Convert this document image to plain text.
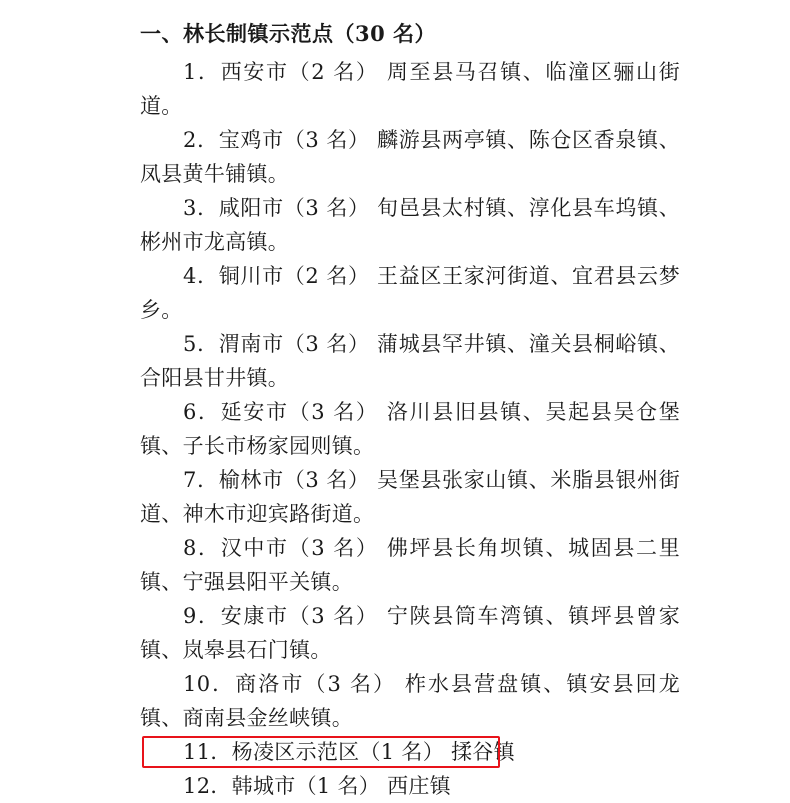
一、林长制镇示范点（30 名）

1．西安市（2 名） 周至县马召镇、临潼区骊山街道。

2．宝鸡市（3 名） 麟游县两亭镇、陈仓区香泉镇、凤县黄牛铺镇。

3．咸阳市（3 名） 旬邑县太村镇、淳化县车坞镇、彬州市龙高镇。

4．铜川市（2 名） 王益区王家河街道、宜君县云梦乡。

5．渭南市（3 名） 蒲城县罕井镇、潼关县桐峪镇、合阳县甘井镇。

6．延安市（3 名） 洛川县旧县镇、吴起县吴仓堡镇、子长市杨家园则镇。

7．榆林市（3 名） 吴堡县张家山镇、米脂县银州街道、神木市迎宾路街道。

8．汉中市（3 名） 佛坪县长角坝镇、城固县二里镇、宁强县阳平关镇。

9．安康市（3 名） 宁陕县筒车湾镇、镇坪县曾家镇、岚皋县石门镇。

10．商洛市（3 名） 柞水县营盘镇、镇安县回龙镇、商南县金丝峡镇。

11．杨凌区示范区（1 名） 揉谷镇

12．韩城市（1 名） 西庄镇
